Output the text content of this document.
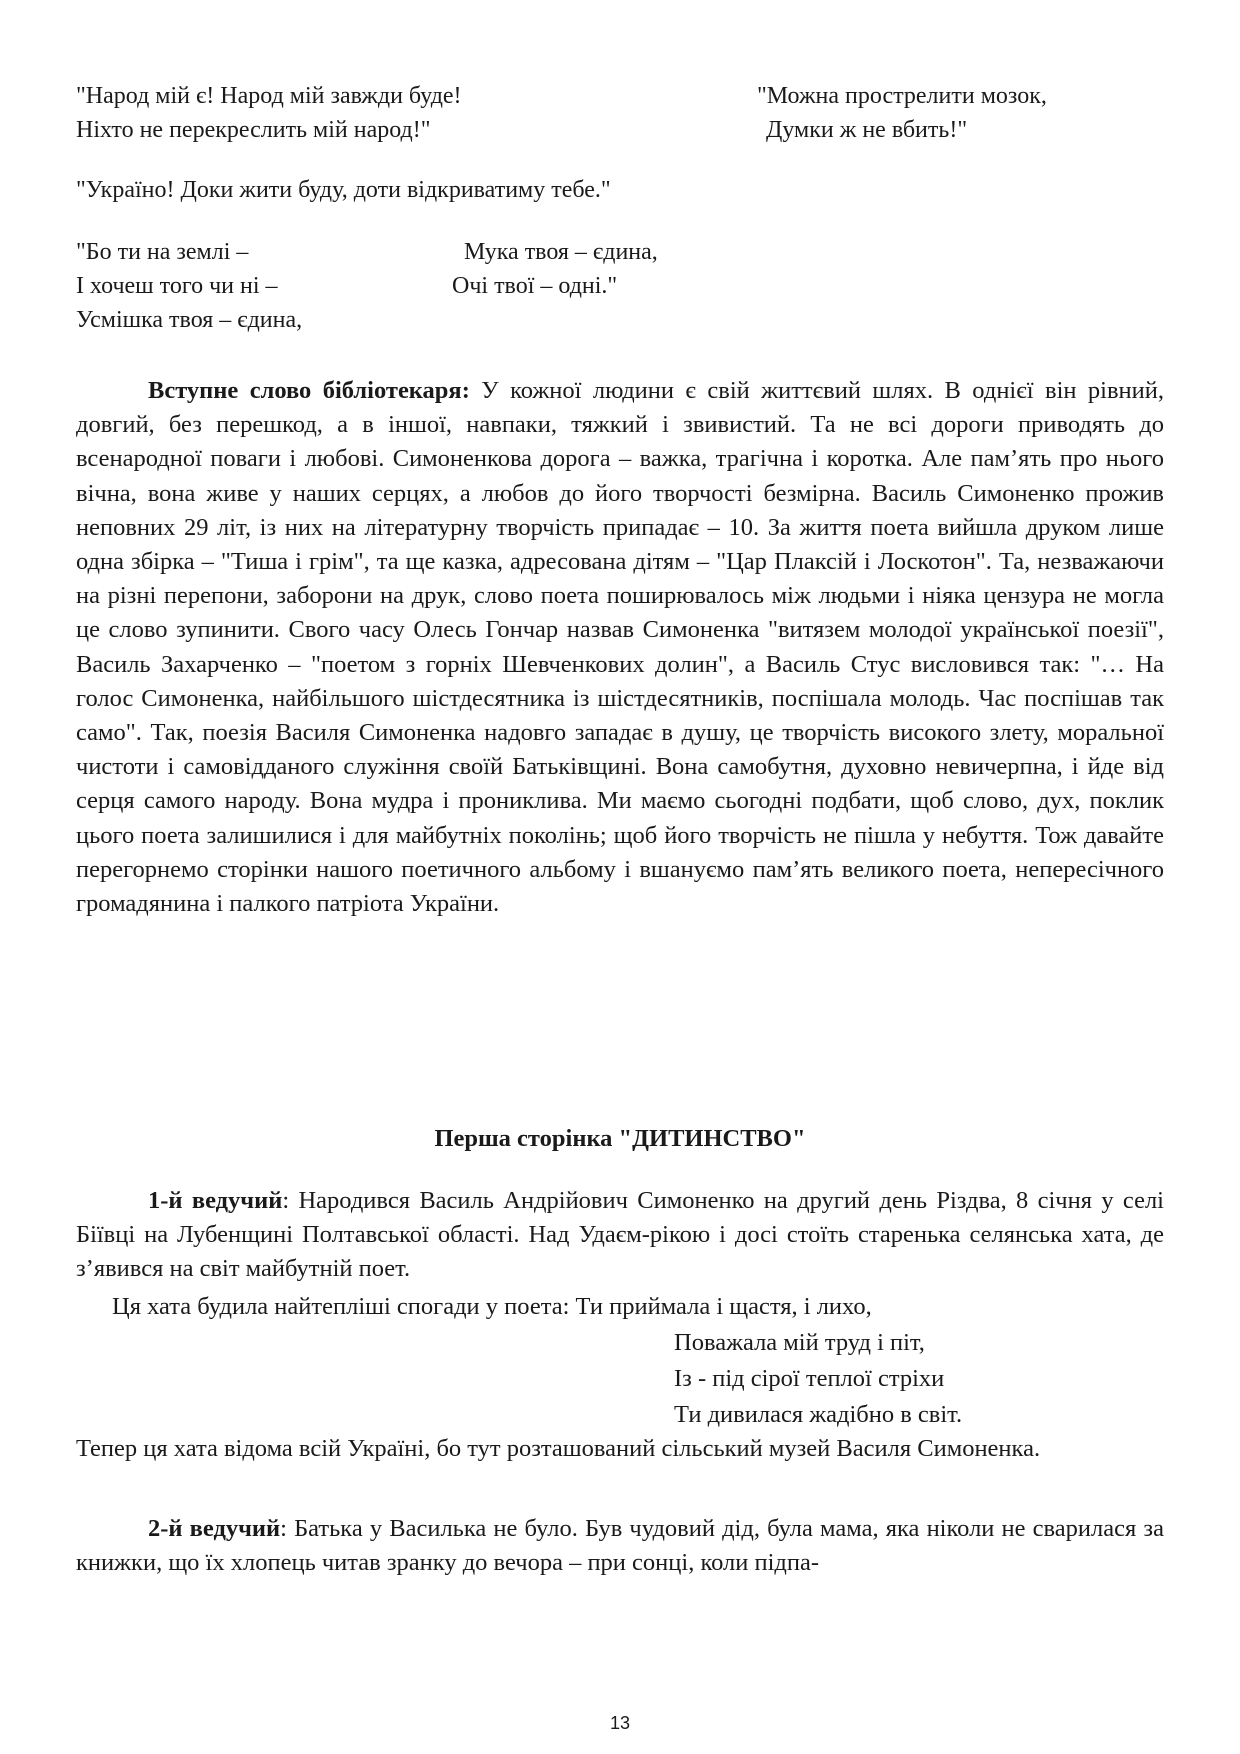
"Народ мій є! Народ мій завжди буде!
Ніхто не перекреслить мій народ!"
"Можна прострелити мозок,
Думки ж не вбить!"
"Україно! Доки жити буду, доти відкриватиму тебе."
"Бо ти на землі –
І хочеш того чи ні –
Усмішка твоя – єдина,
Мука твоя – єдина,
Очі твої – одні."

Вступне слово бібліотекаря: У кожної людини є свій життєвий шлях. В однієї він рівний, довгий, без перешкод, а в іншої, навпаки, тяжкий і звивистий. Та не всі дороги приводять до всенародної поваги і любові. Симоненкова дорога – важка, трагічна і коротка. Але пам’ять про нього вічна, вона живе у наших серцях, а любов до його творчості безмірна. Василь Симоненко прожив неповних 29 літ, із них на літературну творчість припадає – 10. За життя поета вийшла друком лише одна збірка – "Тиша і грім", та ще казка, адресована дітям – "Цар Плаксій і Лоскотон". Та, незважаючи на різні перепони, заборони на друк, слово поета поширювалось між людьми і ніяка цензура не могла це слово зупинити. Свого часу Олесь Гончар назвав Симоненка "витязем молодої української поезії", Василь Захарченко – "поетом з горніх Шевченкових долин", а Василь Стус висловився так: "… На голос Симоненка, найбільшого шістдесятника із шістдесятників, поспішала молодь. Час поспішав так само". Так, поезія Василя Симоненка надовго западає в душу, це творчість високого злету, моральної чистоти і самовідданого служіння своїй Батьківщині. Вона самобутня, духовно невичерпна, і йде від серця самого народу. Вона мудра і прониклива. Ми маємо сьогодні подбати, щоб слово, дух, поклик цього поета залишилися і для майбутніх поколінь; щоб його творчість не пішла у небуття. Тож давайте перегорнемо сторінки нашого поетичного альбому і вшануємо пам’ять великого поета, непересічного громадянина і палкого патріота України.

Перша сторінка "ДИТИНСТВО"

1-й ведучий: Народився Василь Андрійович Симоненко на другий день Різдва, 8 січня у селі Біївці на Лубенщині Полтавської області. Над Удаєм-рікою і досі стоїть старенька селянська хата, де з’явився на світ майбутній поет.

Ця хата будила найтепліші спогади у поета: Ти приймала і щастя, і лихо,
Поважала мій труд і піт,
Із - під сірої теплої стріхи
Ти дивилася жадібно в світ.

Тепер ця хата відома всій Україні, бо тут розташований сільський музей Василя Симоненка.

2-й ведучий: Батька у Василька не було. Був чудовий дід, була мама, яка ніколи не сварилася за книжки, що їх хлопець читав зранку до вечора – при сонці, коли підпа-

13
